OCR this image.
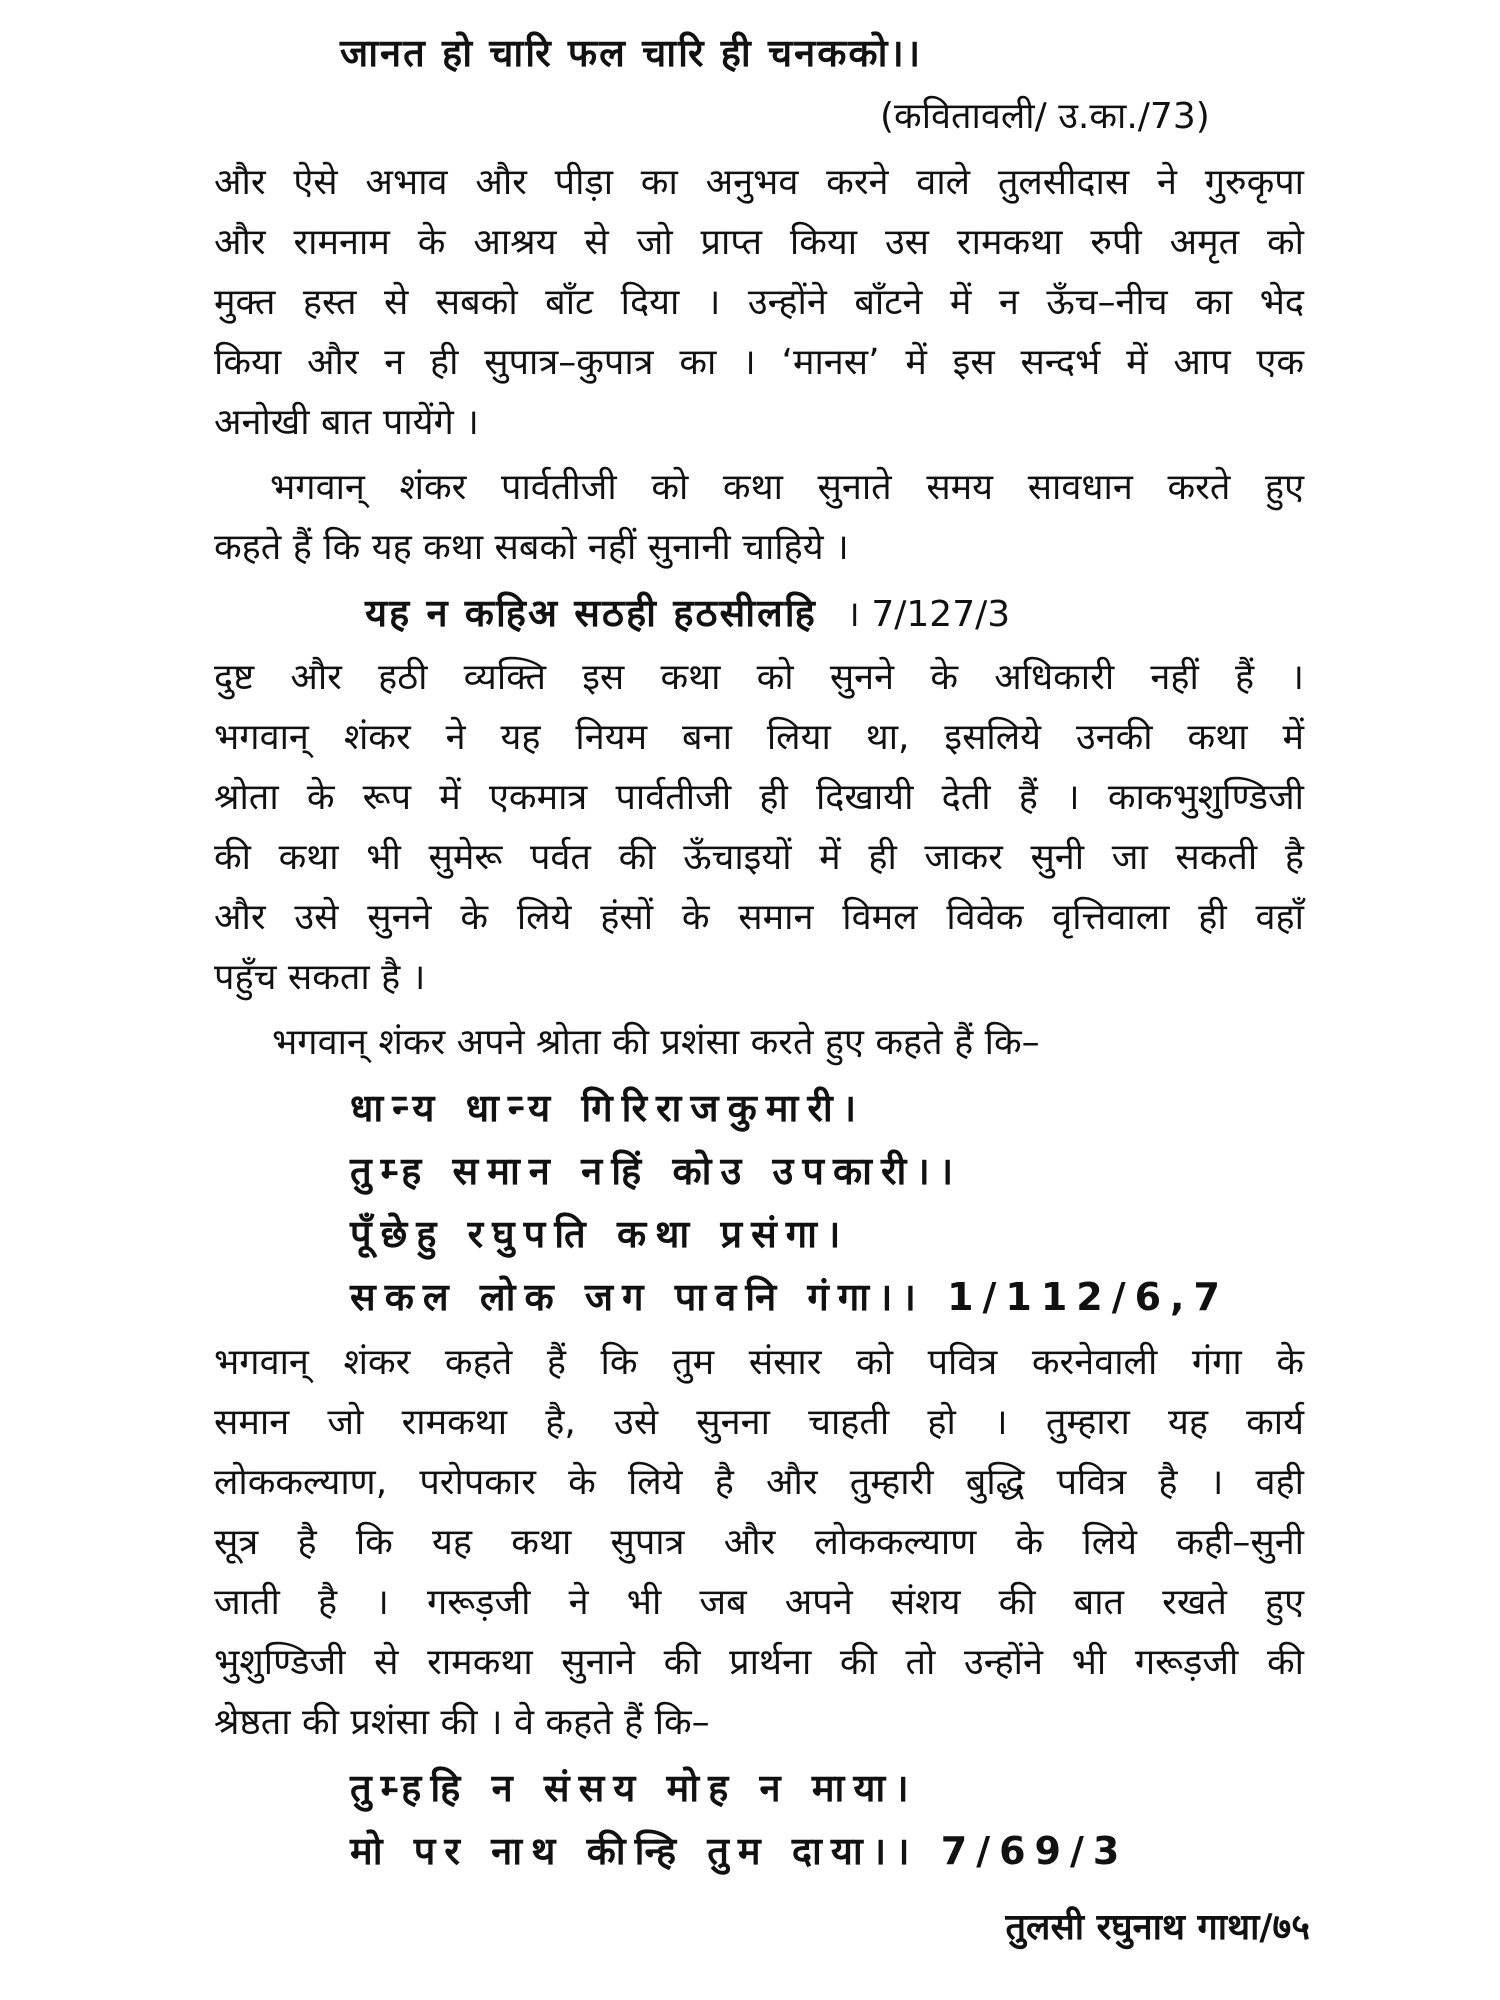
जानत हो चारि फल चारि ही चनकको।।
(कवितावली/ उ.का./73)
और ऐसे अभाव और पीड़ा का अनुभव करने वाले तुलसीदास ने गुरुकृपा
और रामनाम के आश्रय से जो प्राप्त किया उस रामकथा रुपी अमृत को
मुक्त हस्त से सबको बाँट दिया । उन्होंने बाँटने में न ऊँच–नीच का भेद
किया और न ही सुपात्र–कुपात्र का । ‘मानस’ में इस सन्दर्भ में आप एक
अनोखी बात पायेंगे ।
भगवान् शंकर पार्वतीजी को कथा सुनाते समय सावधान करते हुए
कहते हैं कि यह कथा सबको नहीं सुनानी चाहिये ।
यह न कहिअ सठही हठसीलहि । 7/127/3
दुष्ट और हठी व्यक्ति इस कथा को सुनने के अधिकारी नहीं हैं ।
भगवान् शंकर ने यह नियम बना लिया था, इसलिये उनकी कथा में
श्रोता के रूप में एकमात्र पार्वतीजी ही दिखायी देती हैं । काकभुशुण्डिजी
की कथा भी सुमेरू पर्वत की ऊँचाइयों में ही जाकर सुनी जा सकती है
और उसे सुनने के लिये हंसों के समान विमल विवेक वृत्तिवाला ही वहाँ
पहुँच सकता है ।
भगवान् शंकर अपने श्रोता की प्रशंसा करते हुए कहते हैं कि–
धान्य धान्य गिरिराजकुमारी।
तुम्ह समान नहिं कोउ उपकारी।।
पूँछेहु रघुपति कथा प्रसंगा।
सकल लोक जग पावनि गंगा।। 1/112/6,7
भगवान् शंकर कहते हैं कि तुम संसार को पवित्र करनेवाली गंगा के
समान जो रामकथा है, उसे सुनना चाहती हो । तुम्हारा यह कार्य
लोककल्याण, परोपकार के लिये है और तुम्हारी बुद्धि पवित्र है । वही
सूत्र है कि यह कथा सुपात्र और लोककल्याण के लिये कही–सुनी
जाती है । गरूड़जी ने भी जब अपने संशय की बात रखते हुए
भुशुण्डिजी से रामकथा सुनाने की प्रार्थना की तो उन्होंने भी गरूड़जी की
श्रेष्ठता की प्रशंसा की । वे कहते हैं कि–
तुम्हहि न संसय मोह न माया।
मो पर नाथ कीन्हि तुम दाया।। 7/69/3
तुलसी रघुनाथ गाथा/७५
